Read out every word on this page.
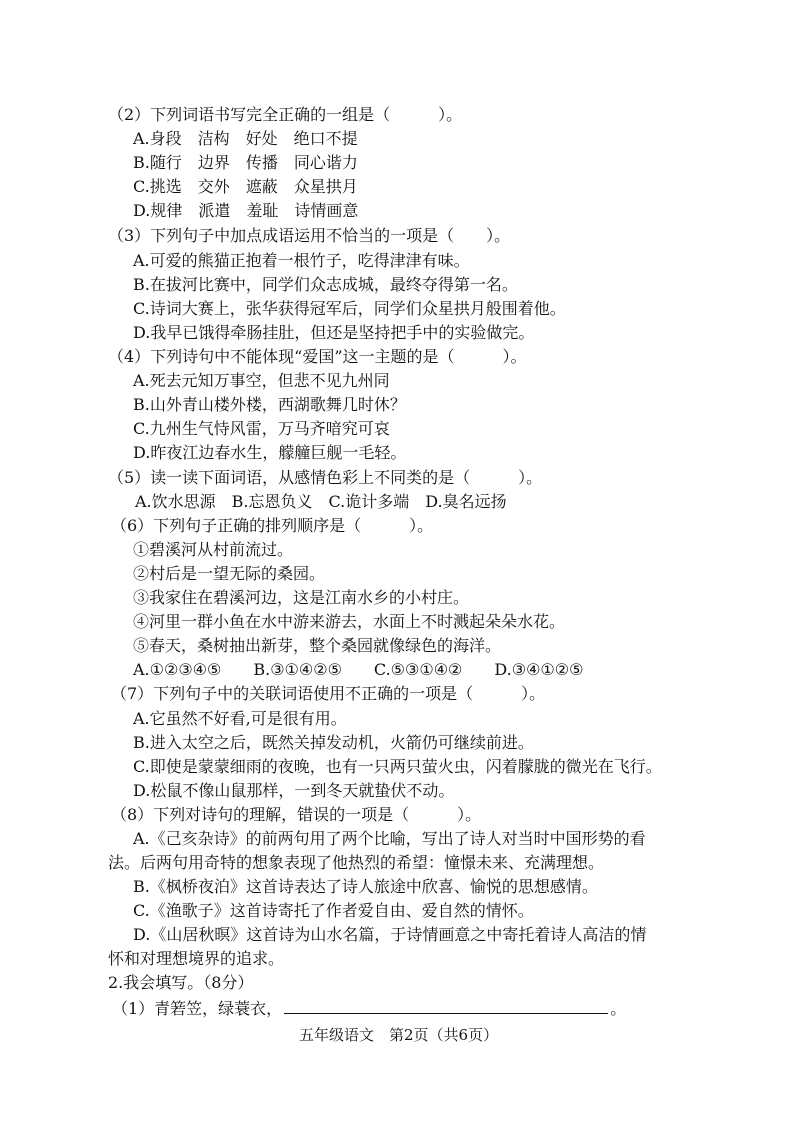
（2）下列词语书写完全正确的一组是（　　　）。
A.身段　洁构　好处　绝口不提
B.随行　边界　传播　同心谐力
C.挑选　交外　遮蔽　众星拱月
D.规律　派遣　羞耻　诗情画意
（3）下列句子中加点成语运用不恰当的一项是（　　）。
A.可爱的熊猫正抱着一根竹子，吃得津津有味。
B.在拔河比赛中，同学们众志成城，最终夺得第一名。
C.诗词大赛上，张华获得冠军后，同学们众星拱月般围着他。
D.我早已饿得牵肠挂肚，但还是坚持把手中的实验做完。
（4）下列诗句中不能体现“爱国”这一主题的是（　　　）。
A.死去元知万事空，但悲不见九州同
B.山外青山楼外楼，西湖歌舞几时休？
C.九州生气恃风雷，万马齐喑究可哀
D.昨夜江边春水生，艨艟巨舰一毛轻。
（5）读一读下面词语，从感情色彩上不同类的是（　　　）。
A.饮水思源　B.忘恩负义　C.诡计多端　D.臭名远扬
（6）下列句子正确的排列顺序是（　　　）。
①碧溪河从村前流过。
②村后是一望无际的桑园。
③我家住在碧溪河边，这是江南水乡的小村庄。
④河里一群小鱼在水中游来游去，水面上不时溅起朵朵水花。
⑤春天，桑树抽出新芽，整个桑园就像绿色的海洋。
A.①②③④⑤　　B.③①④②⑤　　C.⑤③①④②　　D.③④①②⑤
（7）下列句子中的关联词语使用不正确的一项是（　　　）。
A.它虽然不好看,可是很有用。
B.进入太空之后，既然关掉发动机，火箭仍可继续前进。
C.即使是蒙蒙细雨的夜晚，也有一只两只萤火虫，闪着朦胧的微光在飞行。
D.松鼠不像山鼠那样，一到冬天就蛰伏不动。
（8）下列对诗句的理解，错误的一项是（　　　）。
A.《己亥杂诗》的前两句用了两个比喻，写出了诗人对当时中国形势的看
法。后两句用奇特的想象表现了他热烈的希望：憧憬未来、充满理想。
B.《枫桥夜泊》这首诗表达了诗人旅途中欣喜、愉悦的思想感情。
C.《渔歌子》这首诗寄托了作者爱自由、爱自然的情怀。
D.《山居秋暝》这首诗为山水名篇，于诗情画意之中寄托着诗人高洁的情
怀和对理想境界的追求。
2.我会填写。（8分）
（1）青箬笠，绿蓑衣，	。
五年级语文　第2页（共6页）
